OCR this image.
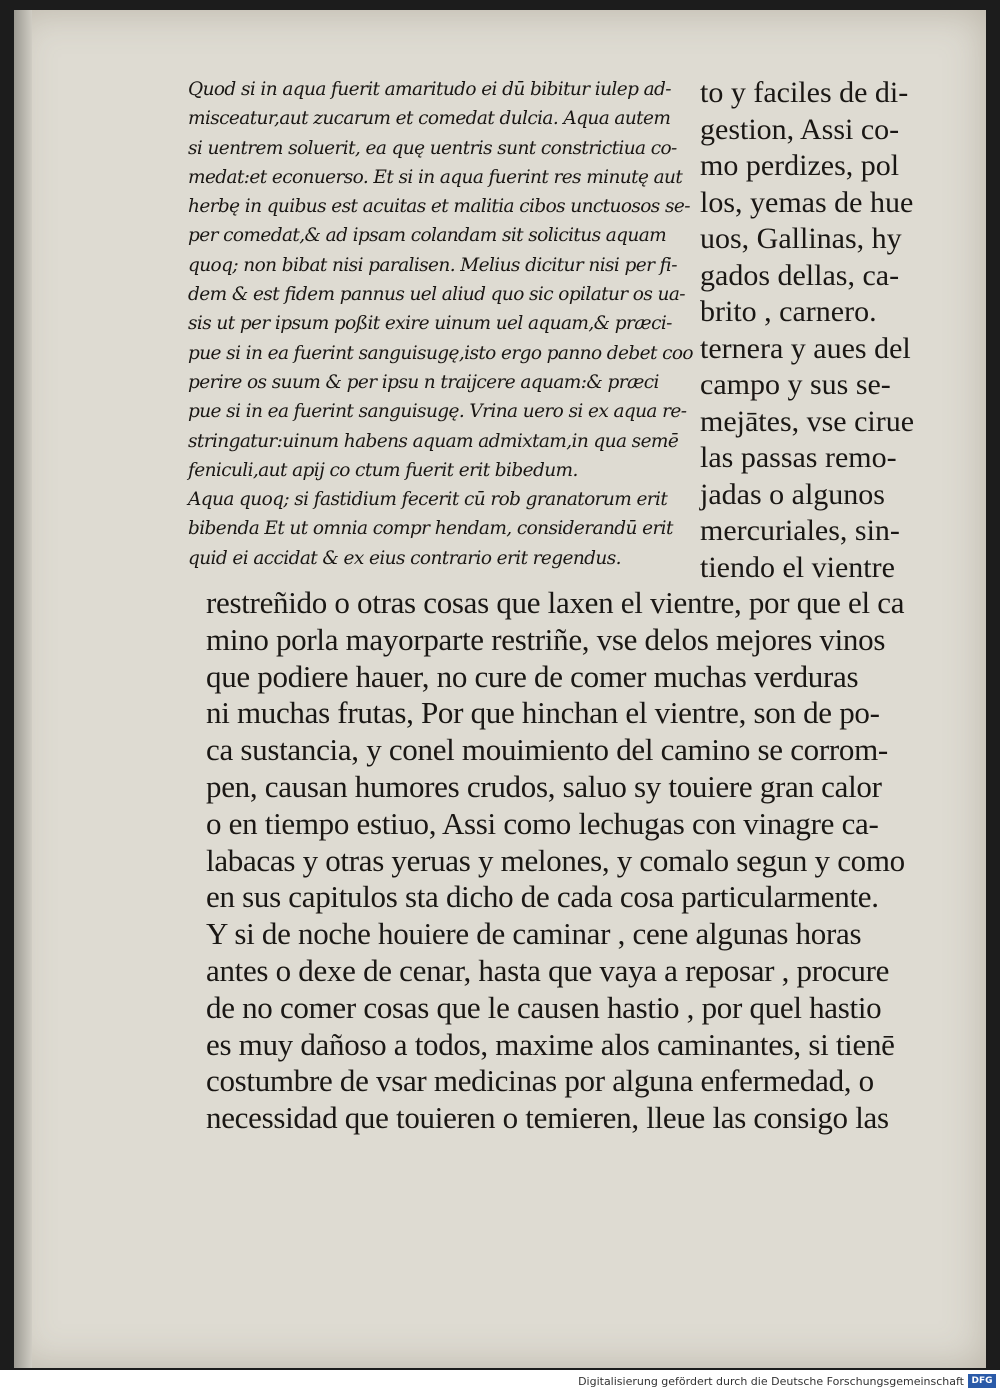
Quod si in aqua fuerit amaritudo ei dū bibitur iulep ad-
misceatur,aut zucarum et comedat dulcia. Aqua autem
si uentrem soluerit, ea quę uentris sunt constrictiua co-
medat:et econuerso. Et si in aqua fuerint res minutę aut
herbę in quibus est acuitas et malitia cibos unctuosos se-
per comedat,& ad ipsam colandam sit solicitus aquam
quoq; non bibat nisi paralisen. Melius dicitur nisi per fi-
dem & est fidem pannus uel aliud quo sic opilatur os ua-
sis ut per ipsum poßit exire uinum uel aquam,& præci-
pue si in ea fuerint sanguisugę,isto ergo panno debet coo
perire os suum & per ipsu n traijcere aquam:& præci
pue si in ea fuerint sanguisugę. Vrina uero si ex aqua re-
stringatur:uinum habens aquam admixtam,in qua semē
feniculi,aut apij co ctum fuerit erit bibedum.
Aqua quoq; si fastidium fecerit cū rob granatorum erit
bibenda Et ut omnia compr hendam, considerandū erit
quid ei accidat & ex eius contrario erit regendus.
to y faciles de di-
gestion, Assi co-
mo perdizes, pol
los, yemas de hue
uos, Gallinas, hy
gados dellas, ca-
brito , carnero.
ternera y aues del
campo y sus se-
mejātes, vse cirue
las passas remo-
jadas o algunos
mercuriales, sin-
tiendo el vientre
restreñido o otras cosas que laxen el vientre, por que el ca
mino porla mayorparte restriñe, vse delos mejores vinos
que podiere hauer, no cure de comer muchas verduras
ni muchas frutas, Por que hinchan el vientre, son de po-
ca sustancia, y conel mouimiento del camino se corrom-
pen, causan humores crudos, saluo sy touiere gran calor
o en tiempo estiuo, Assi como lechugas con vinagre ca-
labacas y otras yeruas y melones, y comalo segun y como
en sus capitulos sta dicho de cada cosa particularmente.
Y si de noche houiere de caminar , cene algunas horas
antes o dexe de cenar, hasta que vaya a reposar , procure
de no comer cosas que le causen hastio , por quel hastio
es muy dañoso a todos, maxime alos caminantes, si tienē
costumbre de vsar medicinas por alguna enfermedad, o
necessidad que touieren o temieren, lleue las consigo las
Digitalisierung gefördert durch die Deutsche Forschungsgemeinschaft DFG
